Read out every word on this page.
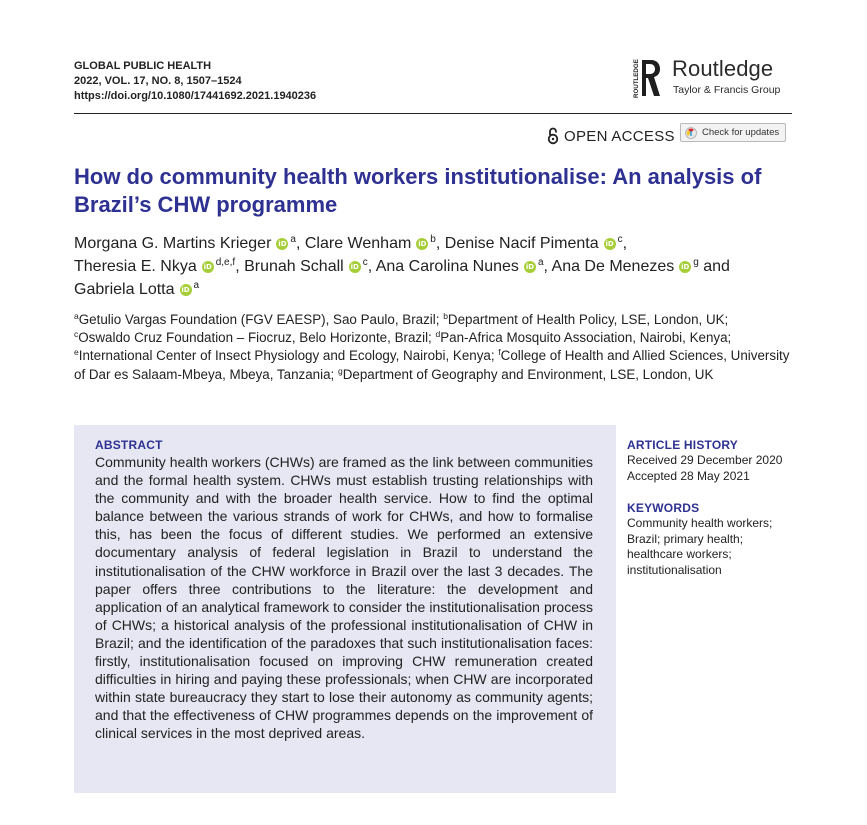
GLOBAL PUBLIC HEALTH
2022, VOL. 17, NO. 8, 1507–1524
https://doi.org/10.1080/17441692.2021.1940236	ROUTLEDGE Routledge
Taylor & Francis Group
OPEN ACCESS	Check for updates
How do community health workers institutionalise: An analysis of Brazil’s CHW programme
Morgana G. Martins Krieger iD $^a$, Clare Wenham iD $^b$, Denise Nacif Pimenta iD $^c$,
Theresia E. Nkya iD $^{d,e,f}$, Brunah Schall iD $^c$, Ana Carolina Nunes iD $^a$, Ana De Menezes iD $^g$ and
Gabriela Lotta iD $^a$
$^a$Getulio Vargas Foundation (FGV EAESP), Sao Paulo, Brazil; $^b$Department of Health Policy, LSE, London, UK;
$^c$Oswaldo Cruz Foundation – Fiocruz, Belo Horizonte, Brazil; $^d$Pan-Africa Mosquito Association, Nairobi, Kenya;
$^e$International Center of Insect Physiology and Ecology, Nairobi, Kenya; $^f$College of Health and Allied Sciences, University of Dar es Salaam-Mbeya, Mbeya, Tanzania; $^g$Department of Geography and Environment, LSE, London, UK
ABSTRACT

Community health workers (CHWs) are framed as the link between communities and the formal health system. CHWs must establish trusting relationships with the community and with the broader health service. How to find the optimal balance between the various strands of work for CHWs, and how to formalise this, has been the focus of different studies. We performed an extensive documentary analysis of federal legislation in Brazil to understand the institutionalisation of the CHW workforce in Brazil over the last 3 decades. The paper offers three contributions to the literature: the development and application of an analytical framework to consider the institutionalisation process of CHWs; a historical analysis of the professional institutionalisation of CHW in Brazil; and the identification of the paradoxes that such institutionalisation faces: firstly, institutionalisation focused on improving CHW remuneration created difficulties in hiring and paying these professionals; when CHW are incorporated within state bureaucracy they start to lose their autonomy as community agents; and that the effectiveness of CHW programmes depends on the improvement of clinical services in the most deprived areas.

ARTICLE HISTORY
Received 29 December 2020
Accepted 28 May 2021
KEYWORDS
Community health workers;
Brazil; primary health;
healthcare workers;
institutionalisation
